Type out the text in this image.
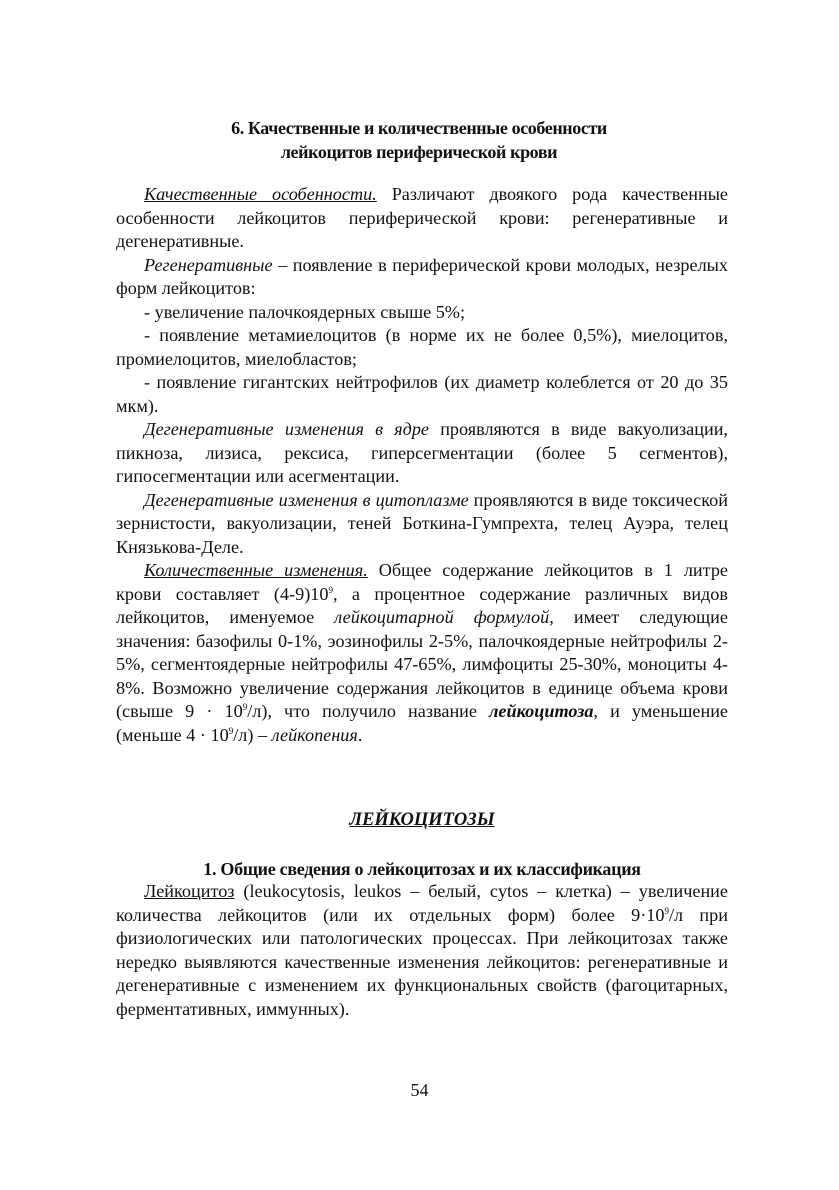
6. Качественные и количественные особенности
лейкоцитов периферической крови

Качественные особенности. Различают двоякого рода качественные особенности лейкоцитов периферической крови: регенеративные и дегенеративные.

Регенеративные – появление в периферической крови молодых, незрелых форм лейкоцитов:

- увеличение палочкоядерных свыше 5%;

- появление метамиелоцитов (в норме их не более 0,5%), миелоцитов, промиелоцитов, миелобластов;

- появление гигантских нейтрофилов (их диаметр колеблется от 20 до 35 мкм).

Дегенеративные изменения в ядре проявляются в виде вакуолизации, пикноза, лизиса, рексиса, гиперсегментации (более 5 сегментов), гипосегментации или асегментации.

Дегенеративные изменения в цитоплазме проявляются в виде токсической зернистости, вакуолизации, теней Боткина-Гумпрехта, телец Ауэра, телец Князькова-Деле.

Количественные изменения. Общее содержание лейкоцитов в 1 литре крови составляет $(4-9)10^9$, а процентное содержание различных видов лейкоцитов, именуемое лейкоцитарной формулой, имеет следующие значения: базофилы 0-1%, эозинофилы 2-5%, палочкоядерные нейтрофилы 2-5%, сегментоядерные нейтрофилы 47-65%, лимфоциты 25-30%, моноциты 4-8%. Возможно увеличение содержания лейкоцитов в единице объема крови (свыше $9 \cdot 10^9/л$), что получило название лейкоцитоза, и уменьшение (меньше $4 \cdot 10^9/л$) – лейкопения.

ЛЕЙКОЦИТОЗЫ
1. Общие сведения о лейкоцитозах и их классификация

Лейкоцитоз (leukocytosis, leukos – белый, cytos – клетка) – увеличение количества лейкоцитов (или их отдельных форм) более $9\cdot 10^9/л$ при физиологических или патологических процессах. При лейкоцитозах также нередко выявляются качественные изменения лейкоцитов: регенеративные и дегенеративные с изменением их функциональных свойств (фагоцитарных, ферментативных, иммунных).

54
